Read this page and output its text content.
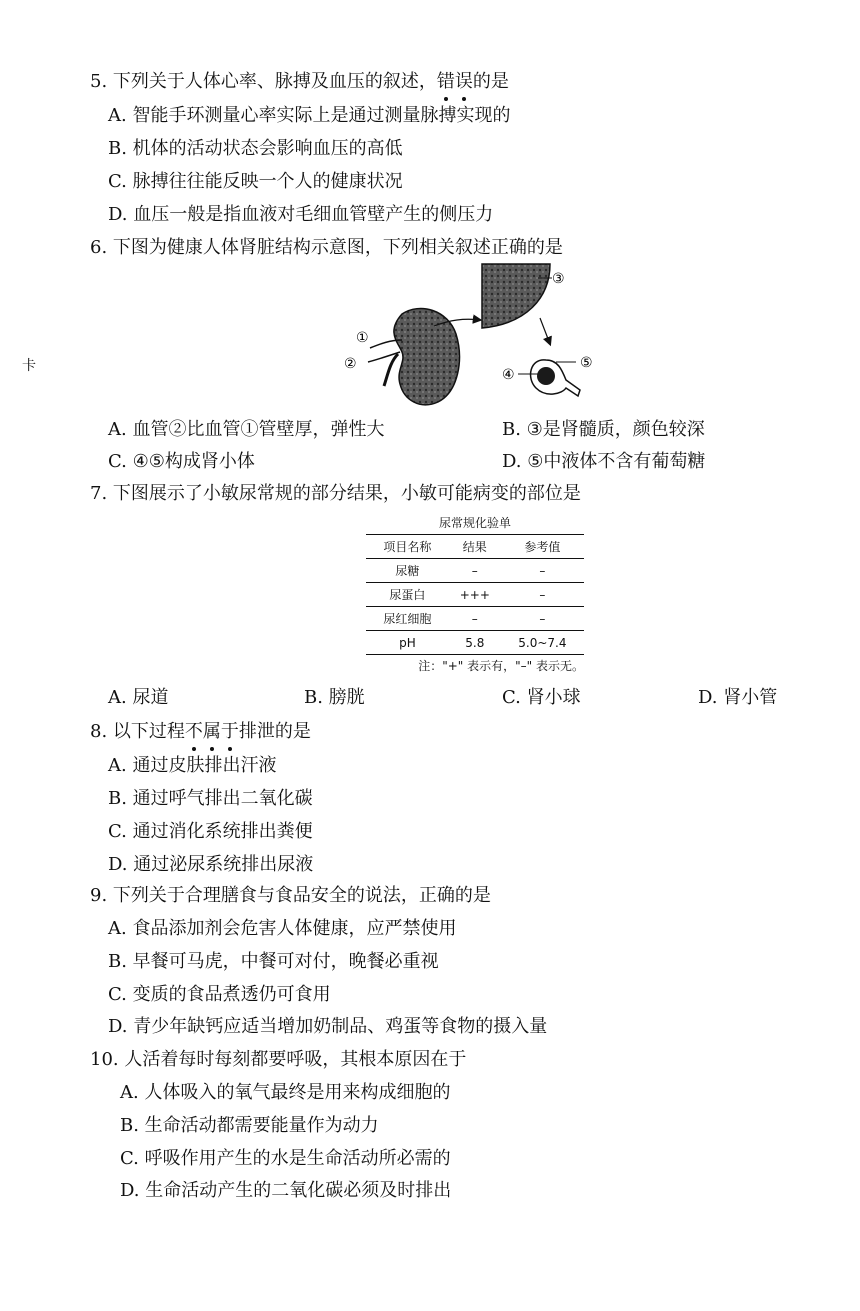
卡
5. 下列关于人体心率、脉搏及血压的叙述，错误的是
A. 智能手环测量心率实际上是通过测量脉搏实现的
B. 机体的活动状态会影响血压的高低
C. 脉搏往往能反映一个人的健康状况
D. 血压一般是指血液对毛细血管壁产生的侧压力
6. 下图为健康人体肾脏结构示意图，下列相关叙述正确的是
①
②
③
④
⑤
A. 血管②比血管①管壁厚，弹性大	B. ③是肾髓质，颜色较深
C. ④⑤构成肾小体	D. ⑤中液体不含有葡萄糖
7. 下图展示了小敏尿常规的部分结果，小敏可能病变的部位是
尿常规化验单
项目名称	结果	参考值
尿糖	–	–
尿蛋白	+++	–
尿红细胞	–	–
pH	5.8	5.0~7.4
注："+" 表示有，"–" 表示无。
A. 尿道	B. 膀胱	C. 肾小球	D. 肾小管
8. 以下过程不属于排泄的是
A. 通过皮肤排出汗液
B. 通过呼气排出二氧化碳
C. 通过消化系统排出粪便
D. 通过泌尿系统排出尿液
9. 下列关于合理膳食与食品安全的说法，正确的是
A. 食品添加剂会危害人体健康，应严禁使用
B. 早餐可马虎，中餐可对付，晚餐必重视
C. 变质的食品煮透仍可食用
D. 青少年缺钙应适当增加奶制品、鸡蛋等食物的摄入量
10. 人活着每时每刻都要呼吸，其根本原因在于
A. 人体吸入的氧气最终是用来构成细胞的
B. 生命活动都需要能量作为动力
C. 呼吸作用产生的水是生命活动所必需的
D. 生命活动产生的二氧化碳必须及时排出
